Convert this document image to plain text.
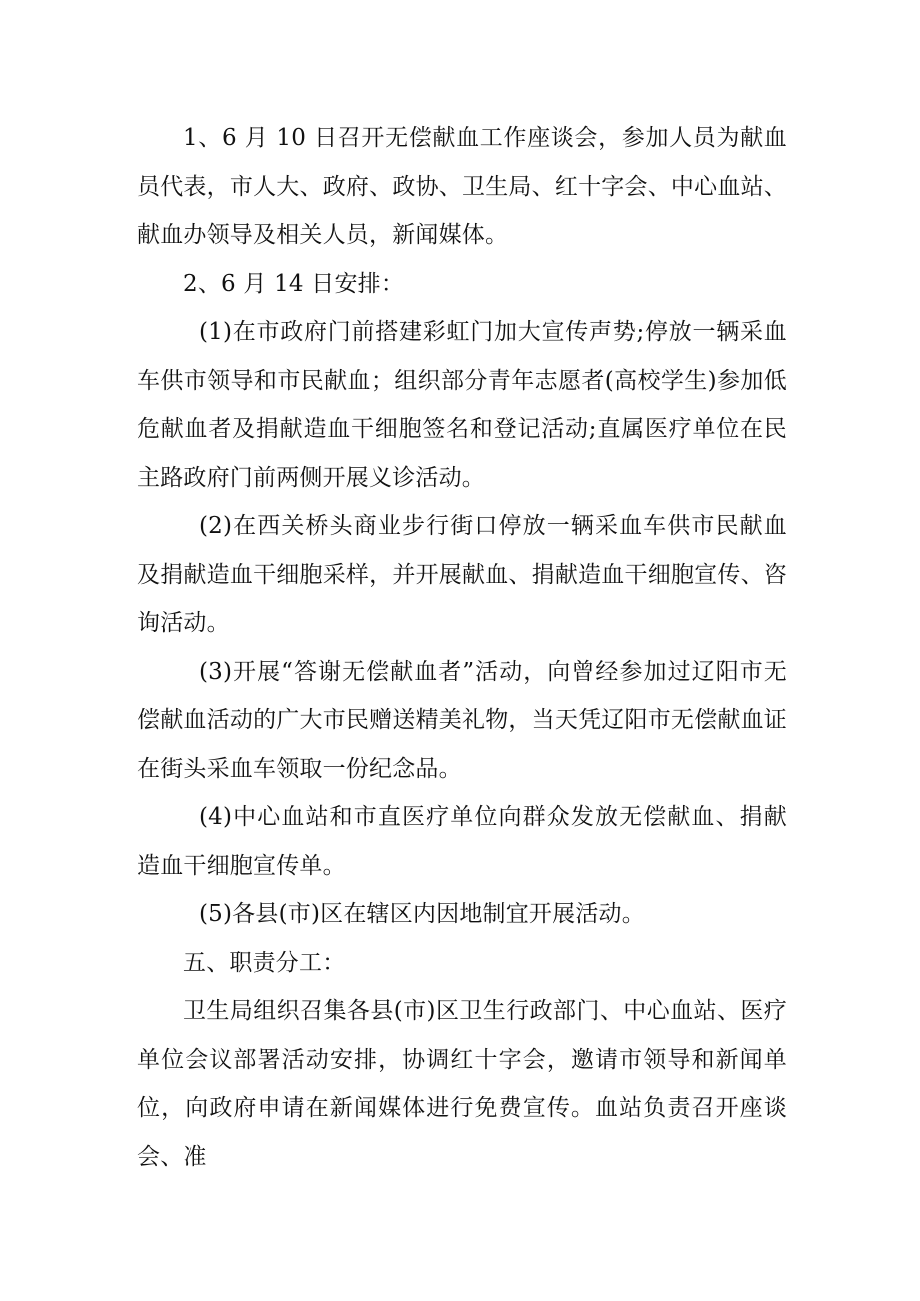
1、6 月 10 日召开无偿献血工作座谈会，参加人员为献血员代表，市人大、政府、政协、卫生局、红十字会、中心血站、献血办领导及相关人员，新闻媒体。

2、6 月 14 日安排：

(1)在市政府门前搭建彩虹门加大宣传声势;停放一辆采血车供市领导和市民献血；组织部分青年志愿者(高校学生)参加低危献血者及捐献造血干细胞签名和登记活动;直属医疗单位在民主路政府门前两侧开展义诊活动。

(2)在西关桥头商业步行街口停放一辆采血车供市民献血及捐献造血干细胞采样，并开展献血、捐献造血干细胞宣传、咨询活动。

(3)开展“答谢无偿献血者”活动，向曾经参加过辽阳市无偿献血活动的广大市民赠送精美礼物，当天凭辽阳市无偿献血证在街头采血车领取一份纪念品。

(4)中心血站和市直医疗单位向群众发放无偿献血、捐献造血干细胞宣传单。

(5)各县(市)区在辖区内因地制宜开展活动。

五、职责分工：

卫生局组织召集各县(市)区卫生行政部门、中心血站、医疗单位会议部署活动安排，协调红十字会，邀请市领导和新闻单位，向政府申请在新闻媒体进行免费宣传。血站负责召开座谈会、准
